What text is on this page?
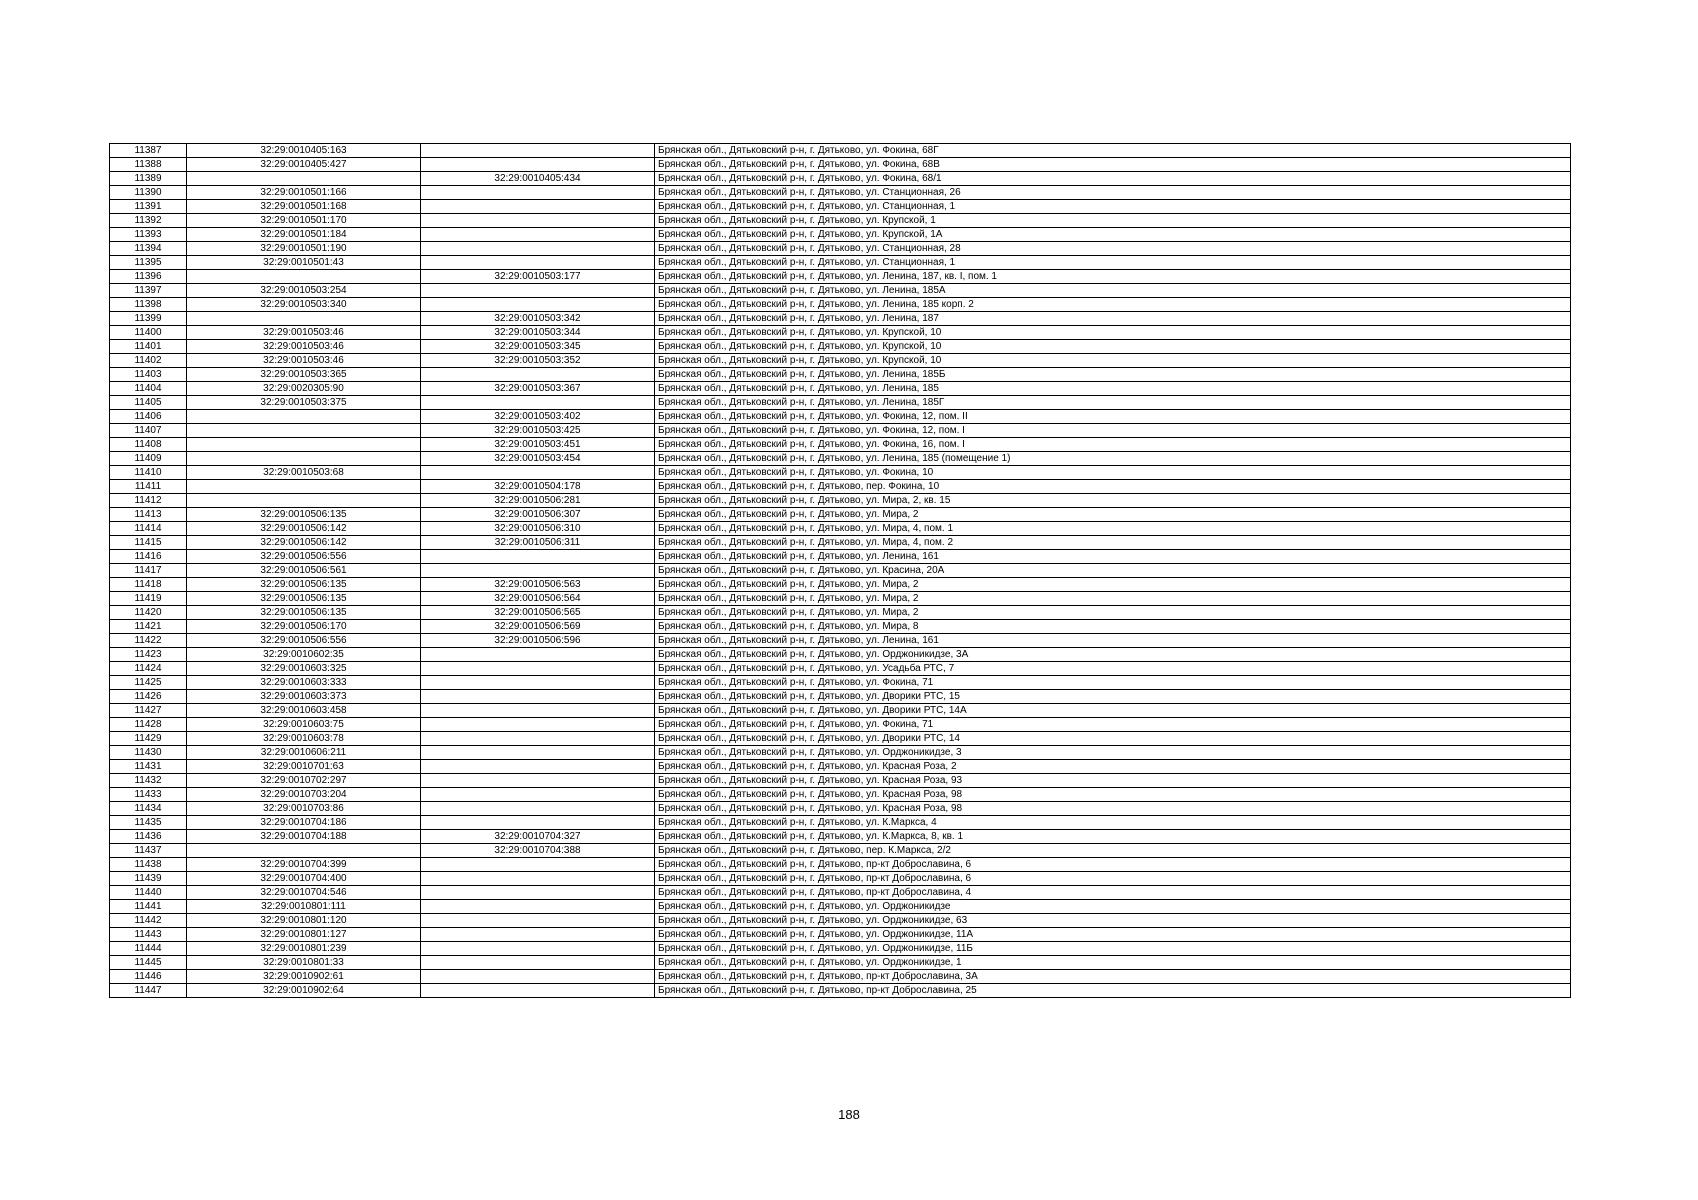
11387	32:29:0010405:163		Брянская обл., Дятьковский р-н, г. Дятьково, ул. Фокина, 68Г
11388	32:29:0010405:427		Брянская обл., Дятьковский р-н, г. Дятьково, ул. Фокина, 68В
11389		32:29:0010405:434	Брянская обл., Дятьковский р-н, г. Дятьково, ул. Фокина, 68/1
11390	32:29:0010501:166		Брянская обл., Дятьковский р-н, г. Дятьково, ул. Станционная, 26
11391	32:29:0010501:168		Брянская обл., Дятьковский р-н, г. Дятьково, ул. Станционная, 1
11392	32:29:0010501:170		Брянская обл., Дятьковский р-н, г. Дятьково, ул. Крупской, 1
11393	32:29:0010501:184		Брянская обл., Дятьковский р-н, г. Дятьково, ул. Крупской, 1А
11394	32:29:0010501:190		Брянская обл., Дятьковский р-н, г. Дятьково, ул. Станционная, 28
11395	32:29:0010501:43		Брянская обл., Дятьковский р-н, г. Дятьково, ул. Станционная, 1
11396		32:29:0010503:177	Брянская обл., Дятьковский р-н, г. Дятьково, ул. Ленина, 187, кв. I, пом. 1
11397	32:29:0010503:254		Брянская обл., Дятьковский р-н, г. Дятьково, ул. Ленина, 185А
11398	32:29:0010503:340		Брянская обл., Дятьковский р-н, г. Дятьково, ул. Ленина, 185 корп. 2
11399		32:29:0010503:342	Брянская обл., Дятьковский р-н, г. Дятьково, ул. Ленина, 187
11400	32:29:0010503:46	32:29:0010503:344	Брянская обл., Дятьковский р-н, г. Дятьково, ул. Крупской, 10
11401	32:29:0010503:46	32:29:0010503:345	Брянская обл., Дятьковский р-н, г. Дятьково, ул. Крупской, 10
11402	32:29:0010503:46	32:29:0010503:352	Брянская обл., Дятьковский р-н, г. Дятьково, ул. Крупской, 10
11403	32:29:0010503:365		Брянская обл., Дятьковский р-н, г. Дятьково, ул. Ленина, 185Б
11404	32:29:0020305:90	32:29:0010503:367	Брянская обл., Дятьковский р-н, г. Дятьково, ул. Ленина, 185
11405	32:29:0010503:375		Брянская обл., Дятьковский р-н, г. Дятьково, ул. Ленина, 185Г
11406		32:29:0010503:402	Брянская обл., Дятьковский р-н, г. Дятьково, ул. Фокина, 12, пом. II
11407		32:29:0010503:425	Брянская обл., Дятьковский р-н, г. Дятьково, ул. Фокина, 12, пом. I
11408		32:29:0010503:451	Брянская обл., Дятьковский р-н, г. Дятьково, ул. Фокина, 16, пом. I
11409		32:29:0010503:454	Брянская обл., Дятьковский р-н, г. Дятьково, ул. Ленина, 185 (помещение 1)
11410	32:29:0010503:68		Брянская обл., Дятьковский р-н, г. Дятьково, ул. Фокина, 10
11411		32:29:0010504:178	Брянская обл., Дятьковский р-н, г. Дятьково, пер. Фокина, 10
11412		32:29:0010506:281	Брянская обл., Дятьковский р-н, г. Дятьково, ул. Мира, 2, кв. 15
11413	32:29:0010506:135	32:29:0010506:307	Брянская обл., Дятьковский р-н, г. Дятьково, ул. Мира, 2
11414	32:29:0010506:142	32:29:0010506:310	Брянская обл., Дятьковский р-н, г. Дятьково, ул. Мира, 4, пом. 1
11415	32:29:0010506:142	32:29:0010506:311	Брянская обл., Дятьковский р-н, г. Дятьково, ул. Мира, 4, пом. 2
11416	32:29:0010506:556		Брянская обл., Дятьковский р-н, г. Дятьково, ул. Ленина, 161
11417	32:29:0010506:561		Брянская обл., Дятьковский р-н, г. Дятьково, ул. Красина, 20А
11418	32:29:0010506:135	32:29:0010506:563	Брянская обл., Дятьковский р-н, г. Дятьково, ул. Мира, 2
11419	32:29:0010506:135	32:29:0010506:564	Брянская обл., Дятьковский р-н, г. Дятьково, ул. Мира, 2
11420	32:29:0010506:135	32:29:0010506:565	Брянская обл., Дятьковский р-н, г. Дятьково, ул. Мира, 2
11421	32:29:0010506:170	32:29:0010506:569	Брянская обл., Дятьковский р-н, г. Дятьково, ул. Мира, 8
11422	32:29:0010506:556	32:29:0010506:596	Брянская обл., Дятьковский р-н, г. Дятьково, ул. Ленина, 161
11423	32:29:0010602:35		Брянская обл., Дятьковский р-н, г. Дятьково, ул. Орджоникидзе, 3А
11424	32:29:0010603:325		Брянская обл., Дятьковский р-н, г. Дятьково, ул. Усадьба РТС, 7
11425	32:29:0010603:333		Брянская обл., Дятьковский р-н, г. Дятьково, ул. Фокина, 71
11426	32:29:0010603:373		Брянская обл., Дятьковский р-н, г. Дятьково, ул. Дворики РТС, 15
11427	32:29:0010603:458		Брянская обл., Дятьковский р-н, г. Дятьково, ул. Дворики РТС, 14А
11428	32:29:0010603:75		Брянская обл., Дятьковский р-н, г. Дятьково, ул. Фокина, 71
11429	32:29:0010603:78		Брянская обл., Дятьковский р-н, г. Дятьково, ул. Дворики РТС, 14
11430	32:29:0010606:211		Брянская обл., Дятьковский р-н, г. Дятьково, ул. Орджоникидзе, 3
11431	32:29:0010701:63		Брянская обл., Дятьковский р-н, г. Дятьково, ул. Красная Роза, 2
11432	32:29:0010702:297		Брянская обл., Дятьковский р-н, г. Дятьково, ул. Красная Роза, 93
11433	32:29:0010703:204		Брянская обл., Дятьковский р-н, г. Дятьково, ул. Красная Роза, 98
11434	32:29:0010703:86		Брянская обл., Дятьковский р-н, г. Дятьково, ул. Красная Роза, 98
11435	32:29:0010704:186		Брянская обл., Дятьковский р-н, г. Дятьково, ул. К.Маркса, 4
11436	32:29:0010704:188	32:29:0010704:327	Брянская обл., Дятьковский р-н, г. Дятьково, ул. К.Маркса, 8, кв. 1
11437		32:29:0010704:388	Брянская обл., Дятьковский р-н, г. Дятьково, пер. К.Маркса, 2/2
11438	32:29:0010704:399		Брянская обл., Дятьковский р-н, г. Дятьково, пр-кт Доброславина, 6
11439	32:29:0010704:400		Брянская обл., Дятьковский р-н, г. Дятьково, пр-кт Доброславина, 6
11440	32:29:0010704:546		Брянская обл., Дятьковский р-н, г. Дятьково, пр-кт Доброславина, 4
11441	32:29:0010801:111		Брянская обл., Дятьковский р-н, г. Дятьково, ул. Орджоникидзе
11442	32:29:0010801:120		Брянская обл., Дятьковский р-н, г. Дятьково, ул. Орджоникидзе, 63
11443	32:29:0010801:127		Брянская обл., Дятьковский р-н, г. Дятьково, ул. Орджоникидзе, 11А
11444	32:29:0010801:239		Брянская обл., Дятьковский р-н, г. Дятьково, ул. Орджоникидзе, 11Б
11445	32:29:0010801:33		Брянская обл., Дятьковский р-н, г. Дятьково, ул. Орджоникидзе, 1
11446	32:29:0010902:61		Брянская обл., Дятьковский р-н, г. Дятьково, пр-кт Доброславина, 3А
11447	32:29:0010902:64		Брянская обл., Дятьковский р-н, г. Дятьково, пр-кт Доброславина, 25
188
